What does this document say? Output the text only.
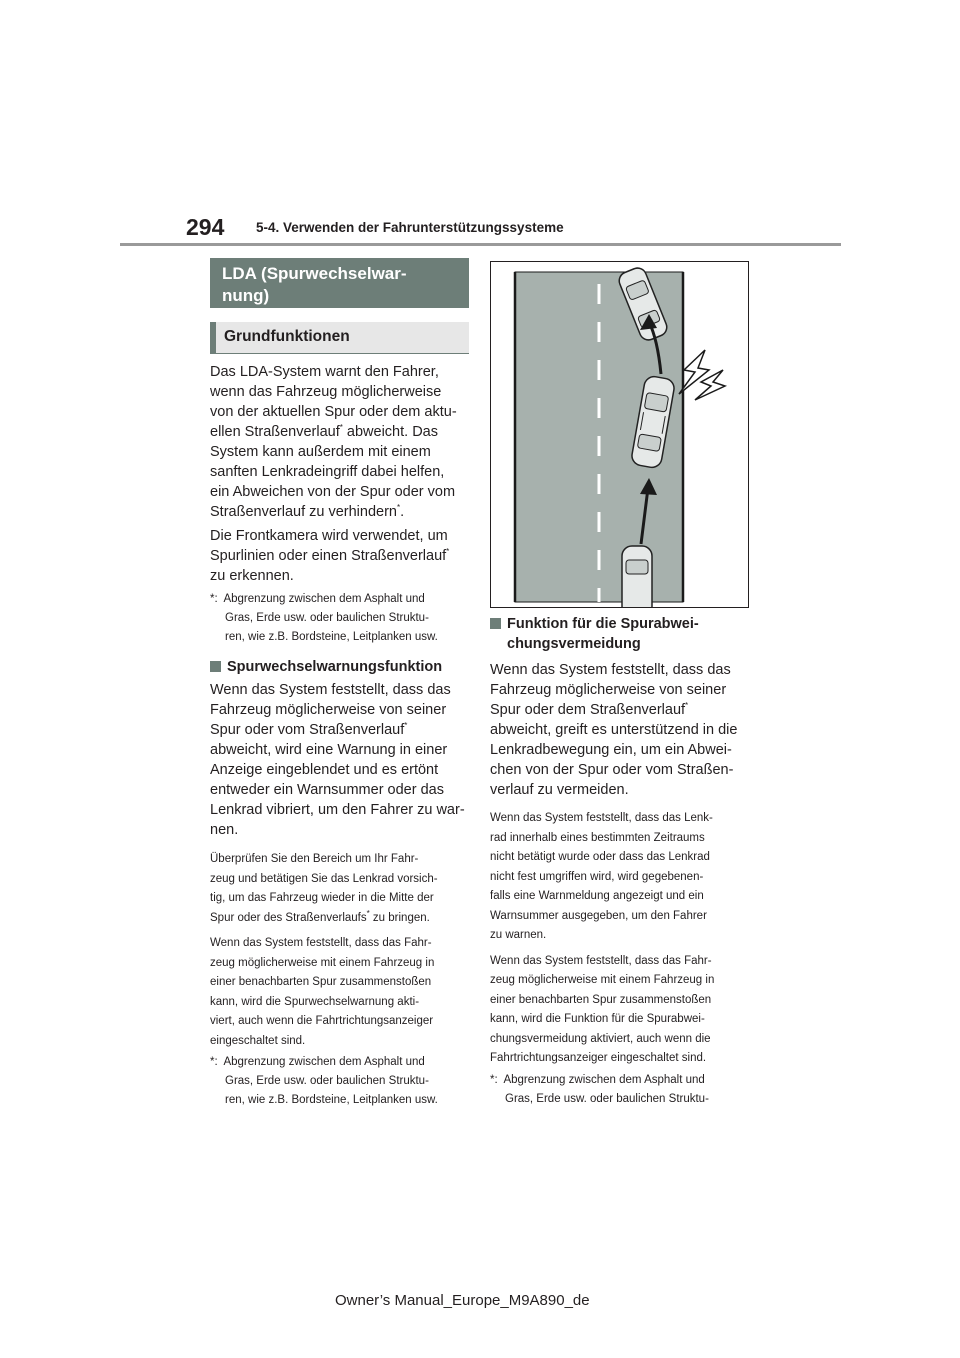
294 5-4. Verwenden der Fahrunterstützungssysteme
LDA (Spurwechselwar-
nung)
Grundfunktionen

Das LDA-System warnt den Fahrer,
wenn das Fahrzeug möglicherweise
von der aktuellen Spur oder dem aktu-
ellen Straßenverlauf* abweicht. Das
System kann außerdem mit einem
sanften Lenkradeingriff dabei helfen,
ein Abweichen von der Spur oder vom
Straßenverlauf zu verhindern*.

Die Frontkamera wird verwendet, um
Spurlinien oder einen Straßenverlauf*
zu erkennen.

*: Abgrenzung zwischen dem Asphalt und
Gras, Erde usw. oder baulichen Struktu-
ren, wie z.B. Bordsteine, Leitplanken usw.

Spurwechselwarnungsfunktion

Wenn das System feststellt, dass das
Fahrzeug möglicherweise von seiner
Spur oder vom Straßenverlauf*
abweicht, wird eine Warnung in einer
Anzeige eingeblendet und es ertönt
entweder ein Warnsummer oder das
Lenkrad vibriert, um den Fahrer zu war-
nen.

Überprüfen Sie den Bereich um Ihr Fahr-
zeug und betätigen Sie das Lenkrad vorsich-
tig, um das Fahrzeug wieder in die Mitte der
Spur oder des Straßenverlaufs* zu bringen.

Wenn das System feststellt, dass das Fahr-
zeug möglicherweise mit einem Fahrzeug in
einer benachbarten Spur zusammenstoßen
kann, wird die Spurwechselwarnung akti-
viert, auch wenn die Fahrtrichtungsanzeiger
eingeschaltet sind.

*: Abgrenzung zwischen dem Asphalt und
Gras, Erde usw. oder baulichen Struktu-
ren, wie z.B. Bordsteine, Leitplanken usw.

Funktion für die Spurabwei-
chungsvermeidung

Wenn das System feststellt, dass das
Fahrzeug möglicherweise von seiner
Spur oder dem Straßenverlauf*
abweicht, greift es unterstützend in die
Lenkradbewegung ein, um ein Abwei-
chen von der Spur oder vom Straßen-
verlauf zu vermeiden.

Wenn das System feststellt, dass das Lenk-
rad innerhalb eines bestimmten Zeitraums
nicht betätigt wurde oder dass das Lenkrad
nicht fest umgriffen wird, wird gegebenen-
falls eine Warnmeldung angezeigt und ein
Warnsummer ausgegeben, um den Fahrer
zu warnen.

Wenn das System feststellt, dass das Fahr-
zeug möglicherweise mit einem Fahrzeug in
einer benachbarten Spur zusammenstoßen
kann, wird die Funktion für die Spurabwei-
chungsvermeidung aktiviert, auch wenn die
Fahrtrichtungsanzeiger eingeschaltet sind.

*: Abgrenzung zwischen dem Asphalt und
Gras, Erde usw. oder baulichen Struktu-

Owner’s Manual_Europe_M9A890_de
